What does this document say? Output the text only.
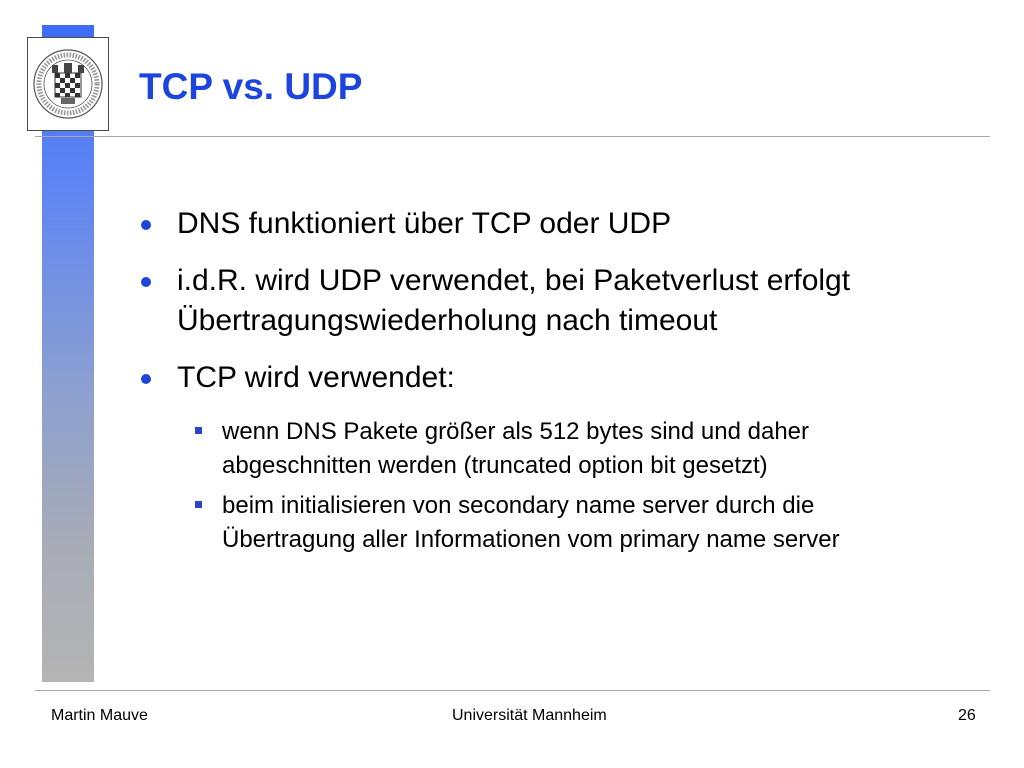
TCP vs. UDP
DNS funktioniert über TCP oder UDP
i.d.R. wird UDP verwendet, bei Paketverlust erfolgt
Übertragungswiederholung nach timeout
TCP wird verwendet:
wenn DNS Pakete größer als 512 bytes sind und daher
abgeschnitten werden (truncated option bit gesetzt)
beim initialisieren von secondary name server durch die
Übertragung aller Informationen vom primary name server
Martin Mauve	Universität Mannheim	26
